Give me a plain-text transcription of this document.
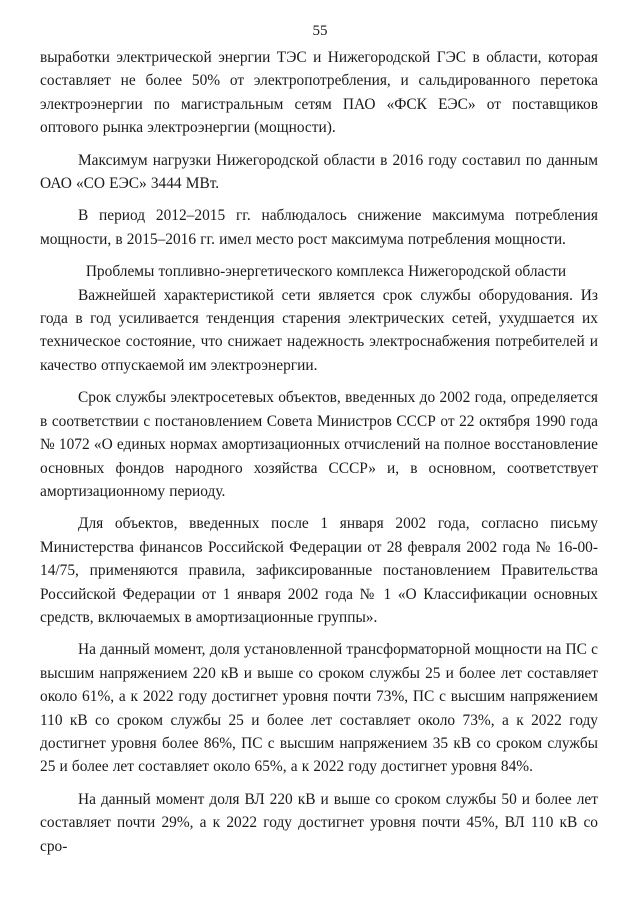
55

выработки электрической энергии ТЭС и Нижегородской ГЭС в области, которая составляет не более 50% от электропотребления, и сальдированного перетока электроэнергии по магистральным сетям ПАО «ФСК ЕЭС» от поставщиков оптового рынка электроэнергии (мощности).

Максимум нагрузки Нижегородской области в 2016 году составил по данным ОАО «СО ЕЭС» 3444 МВт.

В период 2012–2015 гг. наблюдалось снижение максимума потребления мощности, в 2015–2016 гг. имел место рост максимума потребления мощности.

Проблемы топливно-энергетического комплекса Нижегородской области

Важнейшей характеристикой сети является срок службы оборудования. Из года в год усиливается тенденция старения электрических сетей, ухудшается их техническое состояние, что снижает надежность электроснабжения потребителей и качество отпускаемой им электроэнергии.

Срок службы электросетевых объектов, введенных до 2002 года, определяется в соответствии с постановлением Совета Министров СССР от 22 октября 1990 года № 1072 «О единых нормах амортизационных отчислений на полное восстановление основных фондов народного хозяйства СССР» и, в основном, соответствует амортизационному периоду.

Для объектов, введенных после 1 января 2002 года, согласно письму Министерства финансов Российской Федерации от 28 февраля 2002 года № 16-00-14/75, применяются правила, зафиксированные постановлением Правительства Российской Федерации от 1 января 2002 года № 1 «О Классификации основных средств, включаемых в амортизационные группы».

На данный момент, доля установленной трансформаторной мощности на ПС с высшим напряжением 220 кВ и выше со сроком службы 25 и более лет составляет около 61%, а к 2022 году достигнет уровня почти 73%, ПС с высшим напряжением 110 кВ со сроком службы 25 и более лет составляет около 73%, а к 2022 году достигнет уровня более 86%, ПС с высшим напряжением 35 кВ со сроком службы 25 и более лет составляет около 65%, а к 2022 году достигнет уровня 84%.

На данный момент доля ВЛ 220 кВ и выше со сроком службы 50 и более лет составляет почти 29%, а к 2022 году достигнет уровня почти 45%, ВЛ 110 кВ со сро-
